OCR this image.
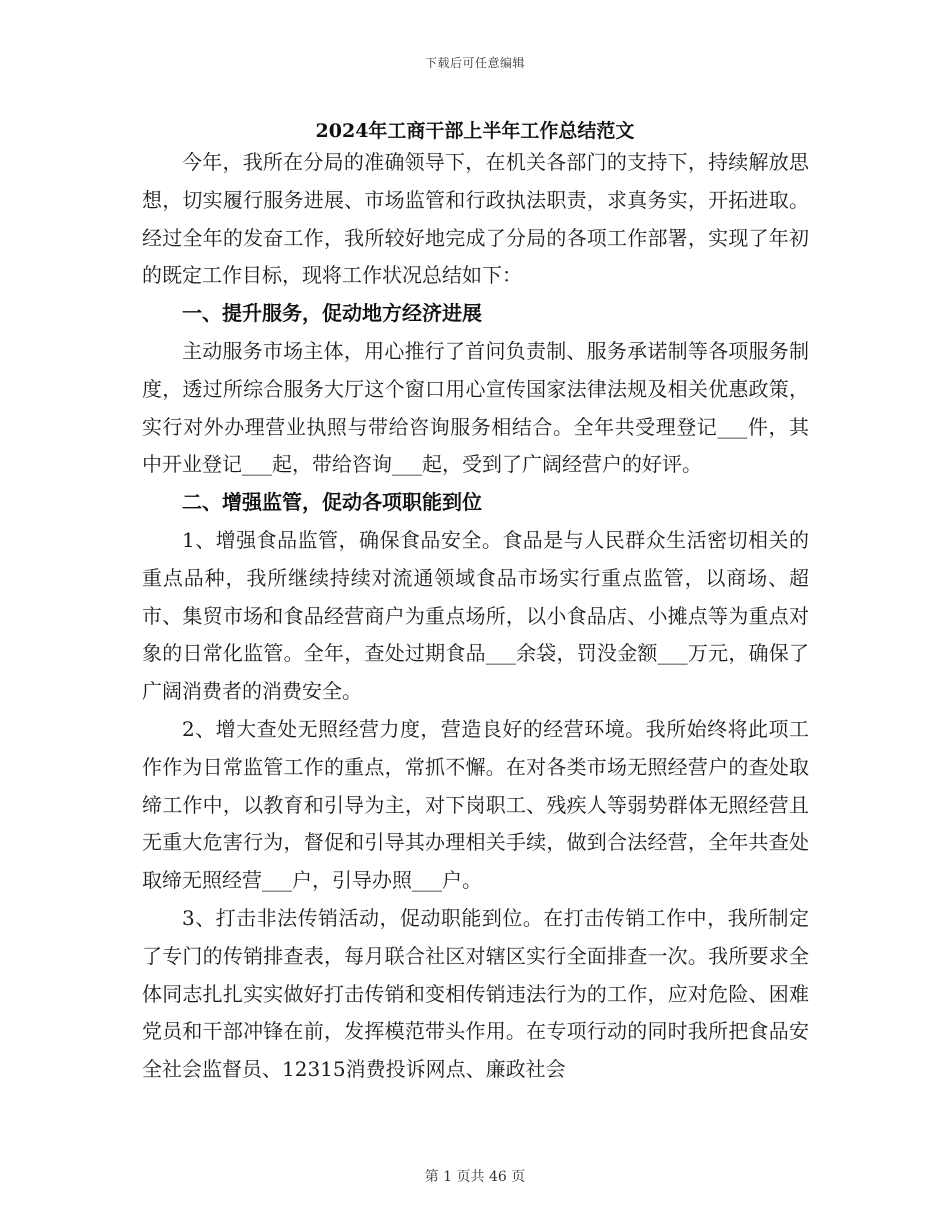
下载后可任意编辑
2024年工商干部上半年工作总结范文

今年，我所在分局的准确领导下，在机关各部门的支持下，持续解放思想，切实履行服务进展、市场监管和行政执法职责，求真务实，开拓进取。经过全年的发奋工作，我所较好地完成了分局的各项工作部署，实现了年初的既定工作目标，现将工作状况总结如下：

一、提升服务，促动地方经济进展

主动服务市场主体，用心推行了首问负责制、服务承诺制等各项服务制度，透过所综合服务大厅这个窗口用心宣传国家法律法规及相关优惠政策，实行对外办理营业执照与带给咨询服务相结合。全年共受理登记___件，其中开业登记___起，带给咨询___起，受到了广阔经营户的好评。

二、增强监管，促动各项职能到位

1、增强食品监管，确保食品安全。食品是与人民群众生活密切相关的重点品种，我所继续持续对流通领域食品市场实行重点监管，以商场、超市、集贸市场和食品经营商户为重点场所，以小食品店、小摊点等为重点对象的日常化监管。全年，查处过期食品___余袋，罚没金额___万元，确保了广阔消费者的消费安全。

2、增大查处无照经营力度，营造良好的经营环境。我所始终将此项工作作为日常监管工作的重点，常抓不懈。在对各类市场无照经营户的查处取缔工作中，以教育和引导为主，对下岗职工、残疾人等弱势群体无照经营且无重大危害行为，督促和引导其办理相关手续，做到合法经营，全年共查处取缔无照经营___户，引导办照___户。

3、打击非法传销活动，促动职能到位。在打击传销工作中，我所制定了专门的传销排查表，每月联合社区对辖区实行全面排查一次。我所要求全体同志扎扎实实做好打击传销和变相传销违法行为的工作，应对危险、困难党员和干部冲锋在前，发挥模范带头作用。在专项行动的同时我所把食品安全社会监督员、12315消费投诉网点、廉政社会

第 1 页共 46 页
